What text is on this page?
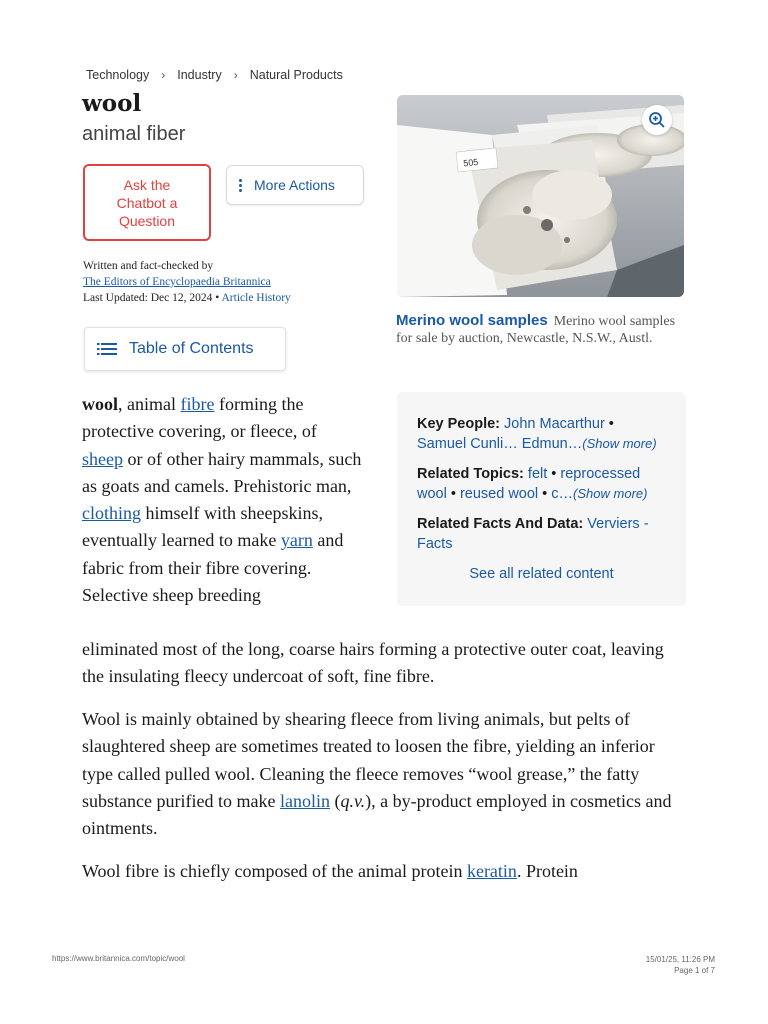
Technology › Industry › Natural Products
wool
animal fiber
Ask the Chatbot a Question
More Actions
Written and fact-checked by
The Editors of Encyclopaedia Britannica
Last Updated: Dec 12, 2024 • Article History
Table of Contents
505
Merino wool samples Merino wool samples for sale by auction, Newcastle, N.S.W., Austl.
Key People: John Macarthur • Samuel Cunli… Edmun…(Show more)
Related Topics: felt • reprocessed wool • reused wool • c…(Show more)
Related Facts And Data: Verviers - Facts
See all related content
wool, animal fibre forming the protective covering, or fleece, of sheep or of other hairy mammals, such as goats and camels. Prehistoric man, clothing himself with sheepskins, eventually learned to make yarn and fabric from their fibre covering. Selective sheep breeding
eliminated most of the long, coarse hairs forming a protective outer coat, leaving the insulating fleecy undercoat of soft, fine fibre.
Wool is mainly obtained by shearing fleece from living animals, but pelts of slaughtered sheep are sometimes treated to loosen the fibre, yielding an inferior type called pulled wool. Cleaning the fleece removes “wool grease,” the fatty substance purified to make lanolin (q.v.), a by-product employed in cosmetics and ointments.
Wool fibre is chiefly composed of the animal protein keratin. Protein
https://www.britannica.com/topic/wool	15/01/25, 11:26 PM
Page 1 of 7
